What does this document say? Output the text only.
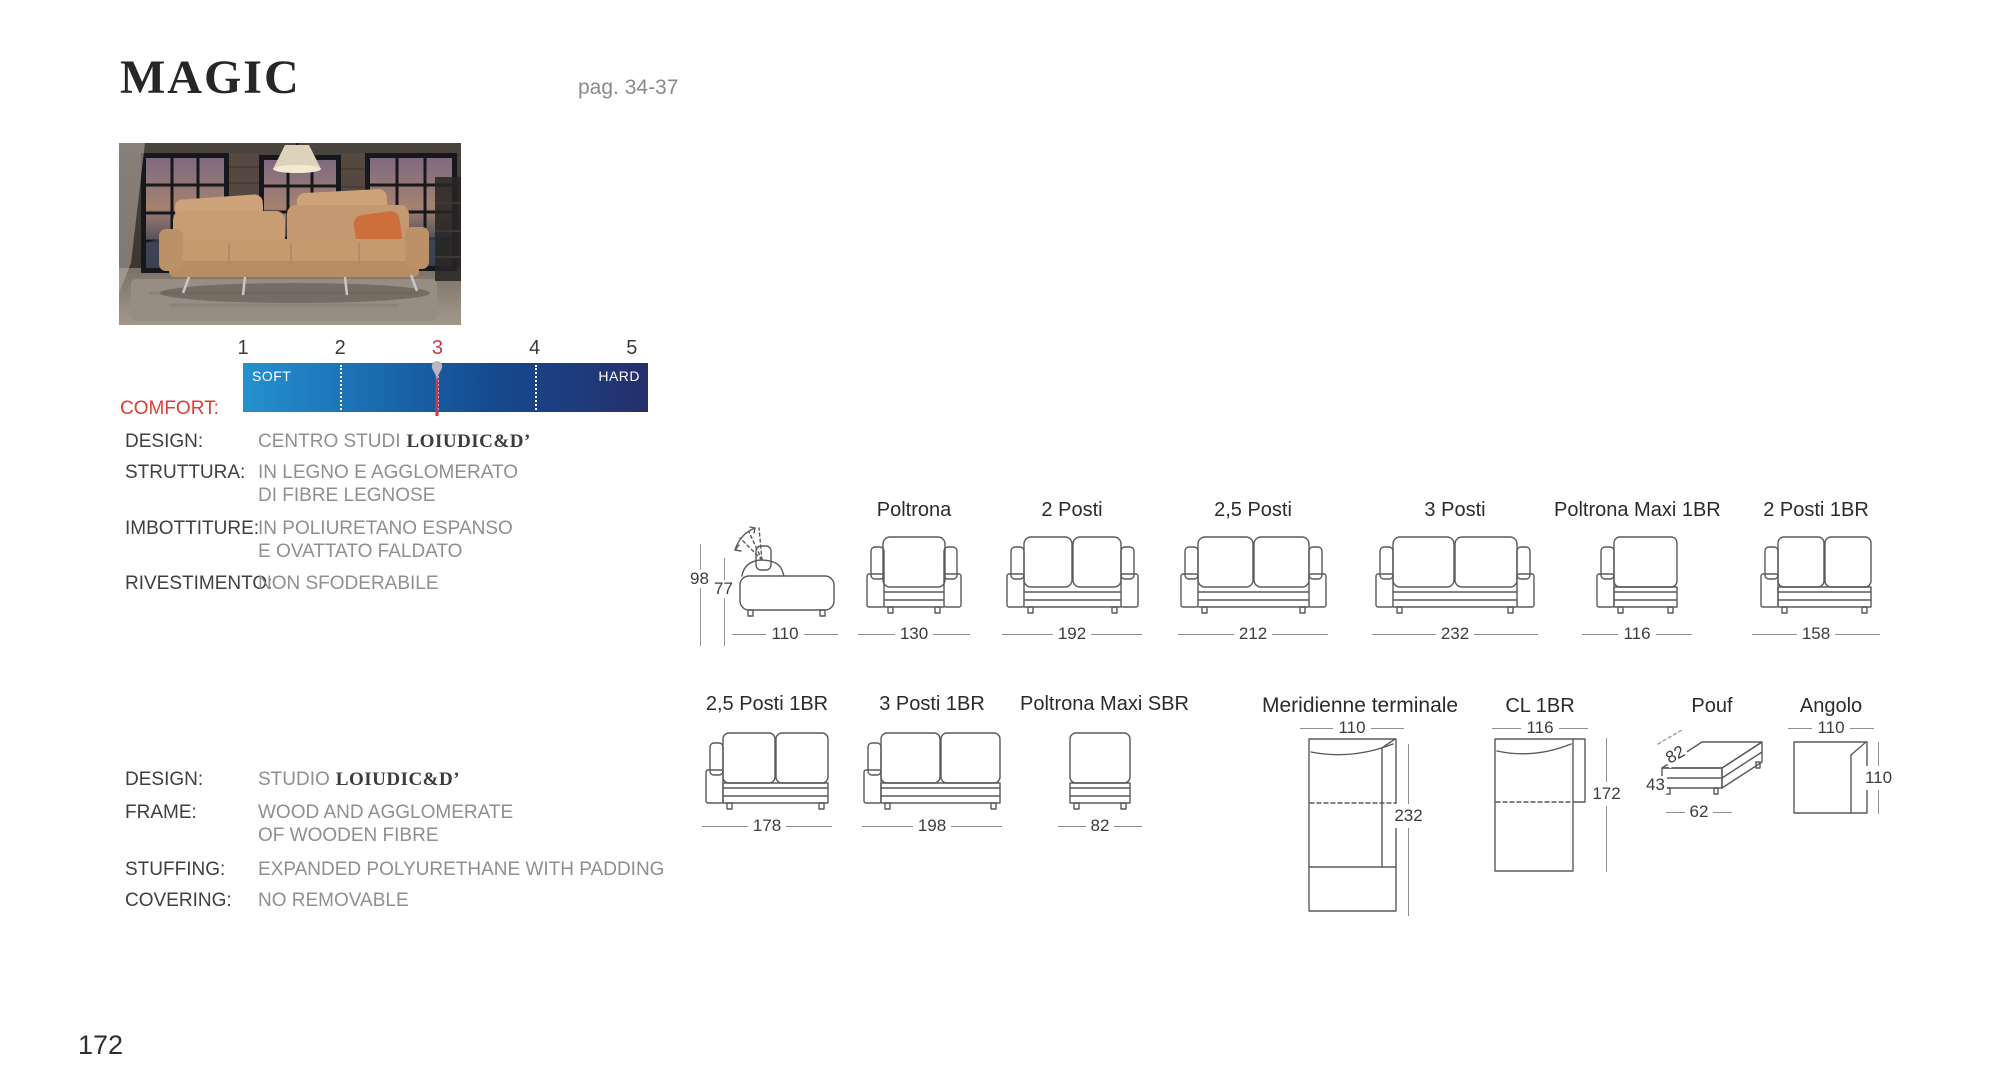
MAGIC	pag. 34-37
COMFORT:
1	2	3	4	5
SOFT	HARD
DESIGN:	CENTRO STUDI LOIUDIC&D’
STRUTTURA: IN LEGNO E AGGLOMERATO
DI FIBRE LEGNOSE
IMBOTTITURE:
IN POLIURETANO ESPANSO
E OVATTATO FALDATO
RIVESTIMENTO:
NON SFODERABILE
DESIGN:	STUDIO LOIUDIC&D’
FRAME:	WOOD AND AGGLOMERATE
OF WOODEN FIBRE
STUFFING:	EXPANDED POLYURETHANE WITH PADDING
COVERING:	NO REMOVABLE
98
77
110
Poltrona
130
2 Posti
192
2,5 Posti
212
3 Posti
232
Poltrona Maxi 1BR
116
2 Posti 1BR
158
2,5 Posti 1BR
178
3 Posti 1BR
198
Poltrona Maxi SBR
82
Meridienne terminale
110
232
CL 1BR
116
172
Pouf
82
43
62
Angolo
110
110
172
